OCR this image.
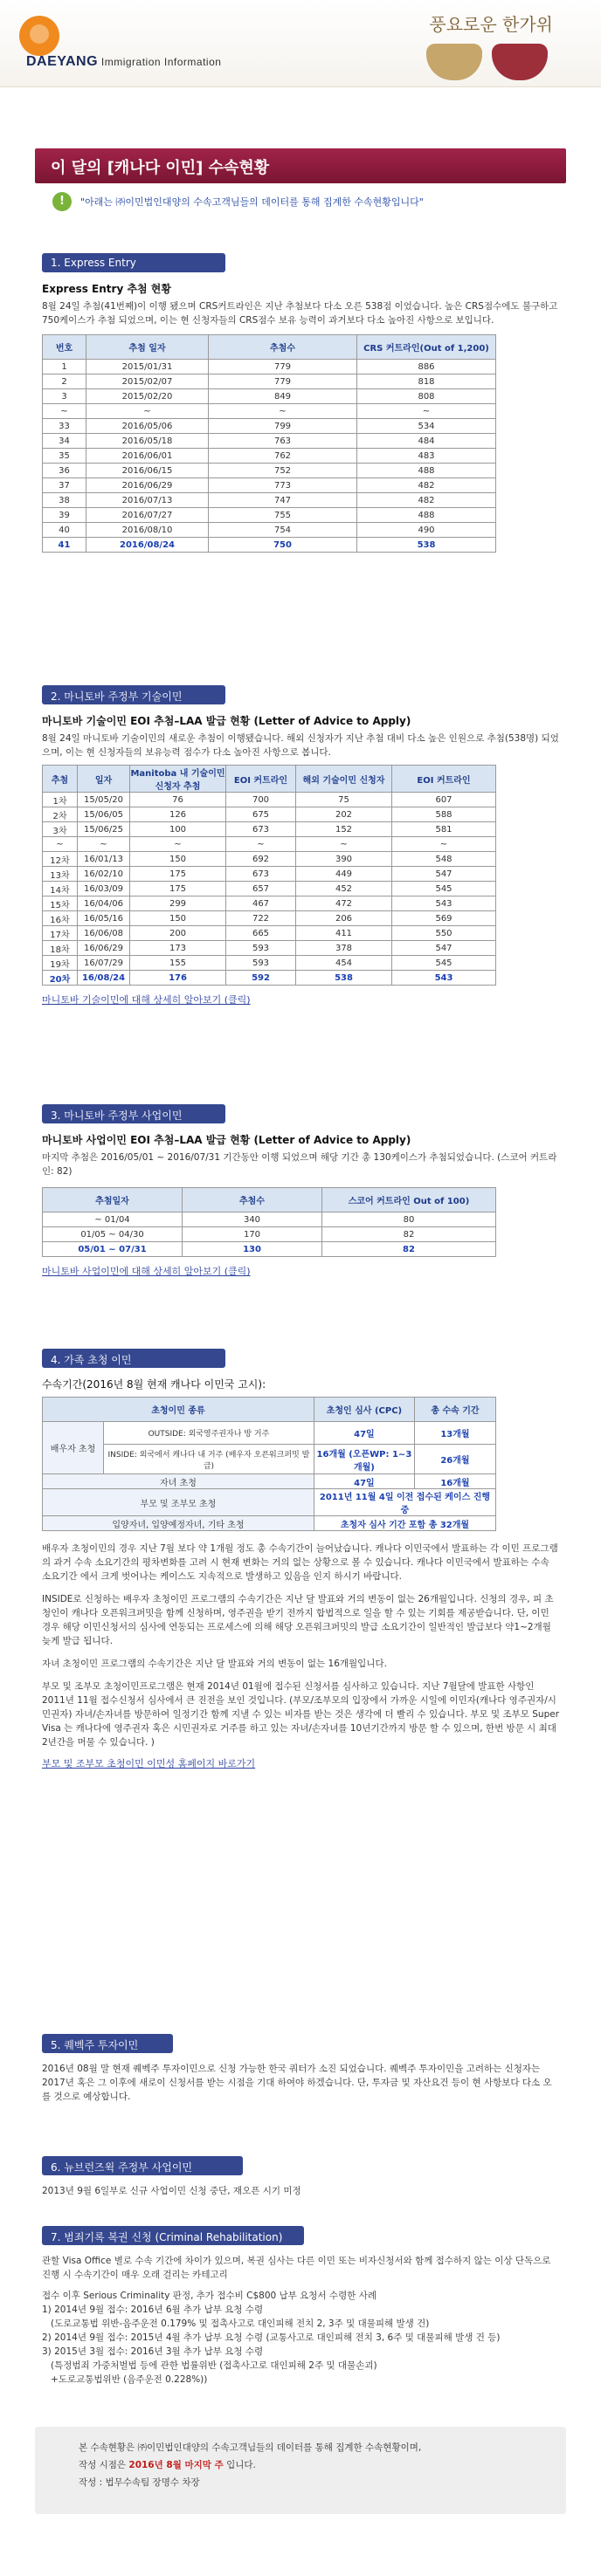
DAEYANG Immigration Information
풍요로운 한가위
이 달의 [캐나다 이민] 수속현황
!	"아래는 ㈜이민법인대양의 수속고객님들의 데이터를 통해 집계한 수속현황입니다"
1. Express Entry
Express Entry 추첨 현황
8월 24일 추첨(41번째)이 이행 됐으며 CRS커트라인은 지난 추첨보다 다소 오른 538점 이었습니다. 높은 CRS점수에도 불구하고 750케이스가 추첨 되었으며, 이는 현 신청자들의 CRS점수 보유 능력이 과거보다 다소 높아진 사항으로 보입니다.
번호	추첨 일자	추첨수	CRS 커트라인(Out of 1,200)
1	2015/01/31	779	886
2	2015/02/07	779	818
3	2015/02/20	849	808
~	~	~	~
33	2016/05/06	799	534
34	2016/05/18	763	484
35	2016/06/01	762	483
36	2016/06/15	752	488
37	2016/06/29	773	482
38	2016/07/13	747	482
39	2016/07/27	755	488
40	2016/08/10	754	490
41	2016/08/24	750	538
2. 마니토바 주정부 기술이민
마니토바 기술이민 EOI 추첨–LAA 발급 현황 (Letter of Advice to Apply)
8월 24일 마니토바 기술이민의 새로운 추첨이 이행됐습니다. 해외 신청자가 지난 추첨 대비 다소 높은 인원으로 추첨(538명) 되었으며, 이는 현 신청자들의 보유능력 점수가 다소 높아진 사항으로 봅니다.
추첨	일자	Manitoba 내 기술이민 신청자 추첨	EOI 커트라인	해외 기술이민 신청자	EOI 커트라인
1차	15/05/20	76	700	75	607
2차	15/06/05	126	675	202	588
3차	15/06/25	100	673	152	581
~	~	~	~	~	~
12차	16/01/13	150	692	390	548
13차	16/02/10	175	673	449	547
14차	16/03/09	175	657	452	545
15차	16/04/06	299	467	472	543
16차	16/05/16	150	722	206	569
17차	16/06/08	200	665	411	550
18차	16/06/29	173	593	378	547
19차	16/07/29	155	593	454	545
20차	16/08/24	176	592	538	543
마니토바 기술이민에 대해 상세히 알아보기 (클릭)
3. 마니토바 주정부 사업이민
마니토바 사업이민 EOI 추첨–LAA 발급 현황 (Letter of Advice to Apply)
마지막 추첨은 2016/05/01 ~ 2016/07/31 기간동안 이행 되었으며 해당 기간 총 130케이스가 추첨되었습니다. (스코어 커트라인: 82)
추첨일자	추첨수	스코어 커트라인 Out of 100)
~ 01/04	340	80
01/05 ~ 04/30	170	82
05/01 ~ 07/31	130	82
마니토바 사업이민에 대해 상세히 알아보기 (클릭)
4. 가족 초청 이민
수속기간(2016년 8월 현재 캐나다 이민국 고시):
초청이민 종류		초청인 심사 (CPC)	총 수속 기간
배우자 초청	OUTSIDE: 외국영주권자나 방 거주	47일	13개월
	INSIDE: 외국에서 캐나다 내 거주 (배우자 오픈워크퍼밋 발급)	16개월 (오픈WP: 1~3개월)	26개월
자녀 초청		47일	16개월
부모 및 조부모 초청		2011년 11월 4일 이전 접수된 케이스 진행 중	
입양자녀, 입양예정자녀, 기타 초청		초청자 심사 기간 포함 총 32개월	
배우자 초청이민의 경우 지난 7월 보다 약 1개월 정도 총 수속기간이 늘어났습니다. 캐나다 이민국에서 발표하는 각 이민 프로그램의 과거 수속 소요기간의 평차변화를 고려 시 현재 변화는 거의 없는 상황으로 볼 수 있습니다. 캐나다 이민국에서 발표하는 수속 소요기간 에서 크게 벗어나는 케이스도 지속적으로 발생하고 있음을 인지 하시기 바랍니다.
INSIDE로 신청하는 배우자 초청이민 프로그램의 수속기간은 지난 달 발표와 거의 변동이 없는 26개월입니다. 신청의 경우, 피 초청인이 캐나다 오픈워크퍼밋을 함께 신청하며, 영주권을 받기 전까지 합법적으로 일을 할 수 있는 기회를 제공받습니다. 단, 이민 경우 해당 이민신청서의 심사에 연동되는 프로세스에 의해 해당 오픈워크퍼밋의 발급 소요기간이 일반적인 발급보다 약1~2개월 늦게 발급 됩니다.
자녀 초청이민 프로그램의 수속기간은 지난 달 발표와 거의 변동이 없는 16개월입니다.
부모 및 조부모 초청이민프로그램은 현재 2014년 01월에 접수된 신청서를 심사하고 있습니다. 지난 7월달에 발표한 사항인 2011년 11월 접수신청서 심사에서 큰 진전을 보인 것입니다. (부모/조부모의 입장에서 가까운 시일에 이민자(캐나다 영주권자/시민권자) 자녀/손자녀를 방문하여 일정기간 함께 지낼 수 있는 비자를 받는 것은 생각에 더 빨리 수 있습니다. 부모 및 조부모 Super Visa 는 캐나다에 영주권자 혹은 시민권자로 거주를 하고 있는 자녀/손자녀를 10년기간까지 방문 할 수 있으며, 한번 방문 시 최대 2년간을 머물 수 있습니다. )
부모 및 조부모 초청이민 이민성 홈페이지 바로가기
5. 퀘벡주 투자이민
2016년 08월 말 현재 퀘벡주 투자이민으로 신청 가능한 한국 쿼터가 소진 되었습니다. 퀘벡주 투자이민을 고려하는 신청자는 2017년 혹은 그 이후에 새로이 신청서를 받는 시점을 기대 하여야 하겠습니다. 단, 투자금 및 자산요건 등이 현 사항보다 다소 오를 것으로 예상합니다.
6. 뉴브런즈윅 주정부 사업이민
2013년 9월 6일부로 신규 사업이민 신청 중단, 재오픈 시기 미정
7. 범죄기록 복권 신청 (Criminal Rehabilitation)
관할 Visa Office 별로 수속 기간에 차이가 있으며, 복권 심사는 다른 이민 또는 비자신청서와 함께 접수하지 않는 이상 단독으로 진행 시 수속기간이 매우 오래 걸리는 카테고리
접수 이후 Serious Criminality 판정, 추가 접수비 C$800 납부 요청서 수령한 사례
1) 2014년 9월 접수: 2016년 6월 추가 납부 요청 수령
(도로교통법 위반-음주운전 0.179% 및 접촉사고로 대인피해 전치 2, 3주 및 대물피해 발생 건)
2) 2014년 9월 접수: 2015년 4월 추가 납부 요청 수령 (교통사고로 대인피해 전치 3, 6주 및 대물피해 발생 건 등)
3) 2015년 3월 접수: 2016년 3월 추가 납부 요청 수령
(특정범죄 가중처벌법 등에 관한 법률위반 (접촉사고로 대인피해 2주 및 대물손괴)
+도로교통법위반 (음주운전 0.228%))
본 수속현황은 ㈜이민법인대양의 수속고객님들의 데이터를 통해 집계한 수속현황이며,
작성 시점은 2016년 8월 마지막 주 입니다.
작성 : 법무수속팀 장명수 차장
